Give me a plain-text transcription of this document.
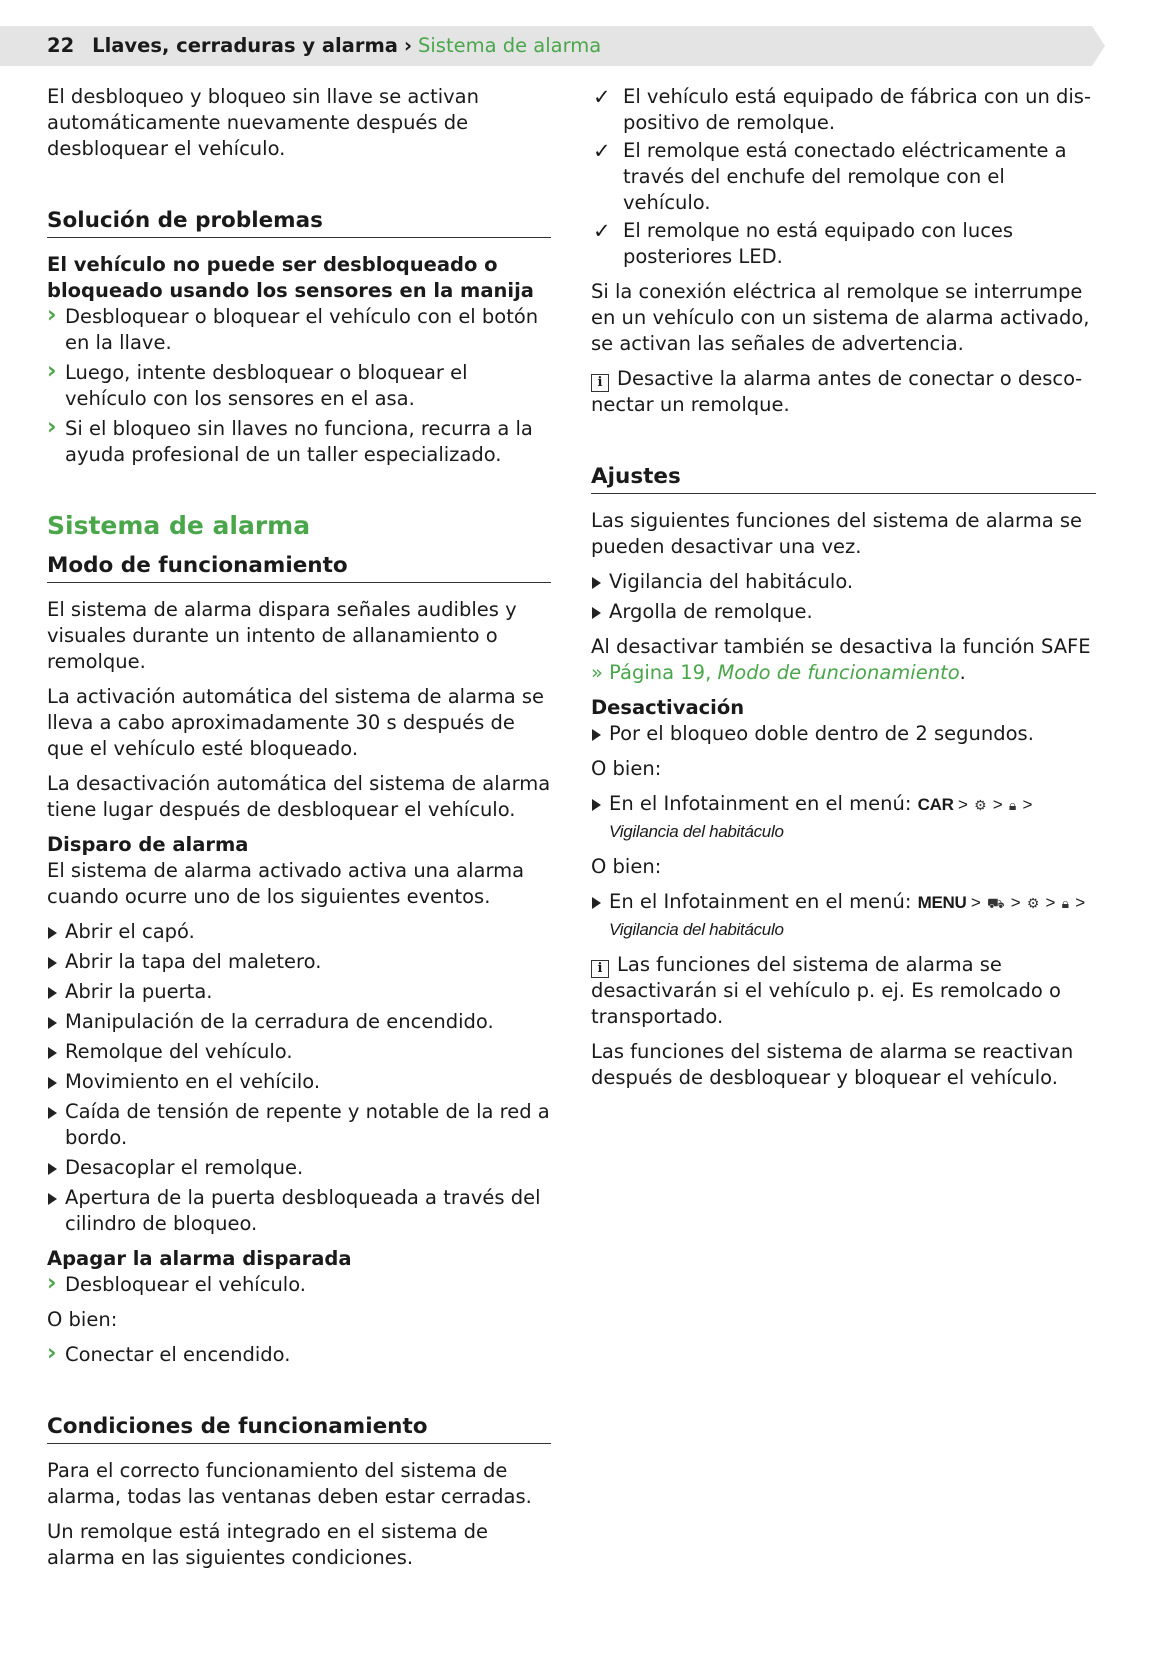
22 Llaves, cerraduras y alarma › Sistema de alarma

El desbloqueo y bloqueo sin llave se activan automáticamente nuevamente después de desbloquear el vehículo.

Solución de problemas

El vehículo no puede ser desbloqueado o bloqueado usando los sensores en la manija

› Desbloquear o bloquear el vehículo con el botón en la llave.
› Luego, intente desbloquear o bloquear el vehículo con los sensores en el asa.
› Si el bloqueo sin llaves no funciona, recurra a la ayuda profesional de un taller especializado.
Sistema de alarma
Modo de funcionamiento

El sistema de alarma dispara señales audibles y visuales durante un intento de allanamiento o remolque.

La activación automática del sistema de alarma se lleva a cabo aproximadamente 30 s después de que el vehículo esté bloqueado.

La desactivación automática del sistema de alarma tiene lugar después de desbloquear el vehículo.

Disparo de alarma

El sistema de alarma activado activa una alarma cuando ocurre uno de los siguientes eventos.

Abrir el capó.
Abrir la tapa del maletero.
Abrir la puerta.
Manipulación de la cerradura de encendido.
Remolque del vehículo.
Movimiento en el vehícilo.
Caída de tensión de repente y notable de la red a bordo.
Desacoplar el remolque.
Apertura de la puerta desbloqueada a través del cilindro de bloqueo.

Apagar la alarma disparada

› Desbloquear el vehículo.

O bien:

› Conectar el encendido.
Condiciones de funcionamiento

Para el correcto funcionamiento del sistema de alarma, todas las ventanas deben estar cerradas.

Un remolque está integrado en el sistema de alarma en las siguientes condiciones.

✓ El vehículo está equipado de fábrica con un dispositivo de remolque.
✓ El remolque está conectado eléctricamente a través del enchufe del remolque con el vehículo.
✓ El remolque no está equipado con luces posteriores LED.

Si la conexión eléctrica al remolque se interrumpe en un vehículo con un sistema de alarma activado, se activan las señales de advertencia.

i Desactive la alarma antes de conectar o desconectar un remolque.

Ajustes

Las siguientes funciones del sistema de alarma se pueden desactivar una vez.

Vigilancia del habitáculo.
Argolla de remolque.

Al desactivar también se desactiva la función SAFE » Página 19, Modo de funcionamiento.

Desactivación

Por el bloqueo doble dentro de 2 segundos.

O bien:

En el Infotainment en el menú: CAR > ⚙ > 🔒︎ > Vigilancia del habitáculo

O bien:

En el Infotainment en el menú: MENU > ⛟ > ⚙ > 🔒︎ > Vigilancia del habitáculo

i Las funciones del sistema de alarma se desactivarán si el vehículo p. ej. Es remolcado o transportado.

Las funciones del sistema de alarma se reactivan después de desbloquear y bloquear el vehículo.
